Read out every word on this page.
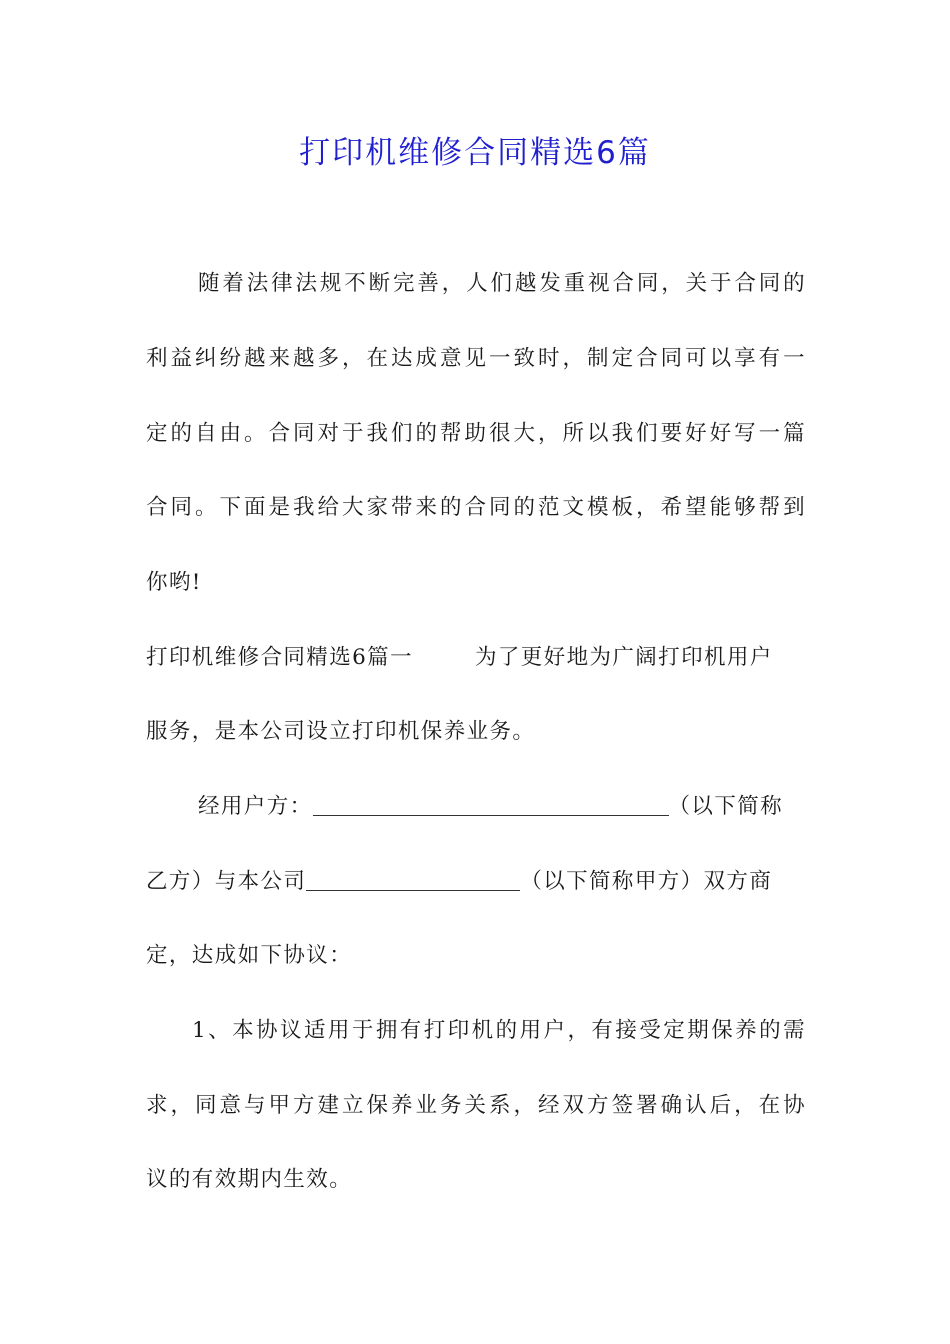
打印机维修合同精选6篇
随着法律法规不断完善，人们越发重视合同，关于合同的
利益纠纷越来越多，在达成意见一致时，制定合同可以享有一
定的自由。合同对于我们的帮助很大，所以我们要好好写一篇
合同。下面是我给大家带来的合同的范文模板，希望能够帮到
你哟!
打印机维修合同精选6篇一	为了更好地为广阔打印机用户
服务，是本公司设立打印机保养业务。
经用户方：	（以下简称
乙方）与本公司	（以下简称甲方）双方商
定，达成如下协议：
1、本协议适用于拥有打印机的用户，有接受定期保养的需
求，同意与甲方建立保养业务关系，经双方签署确认后，在协
议的有效期内生效。
